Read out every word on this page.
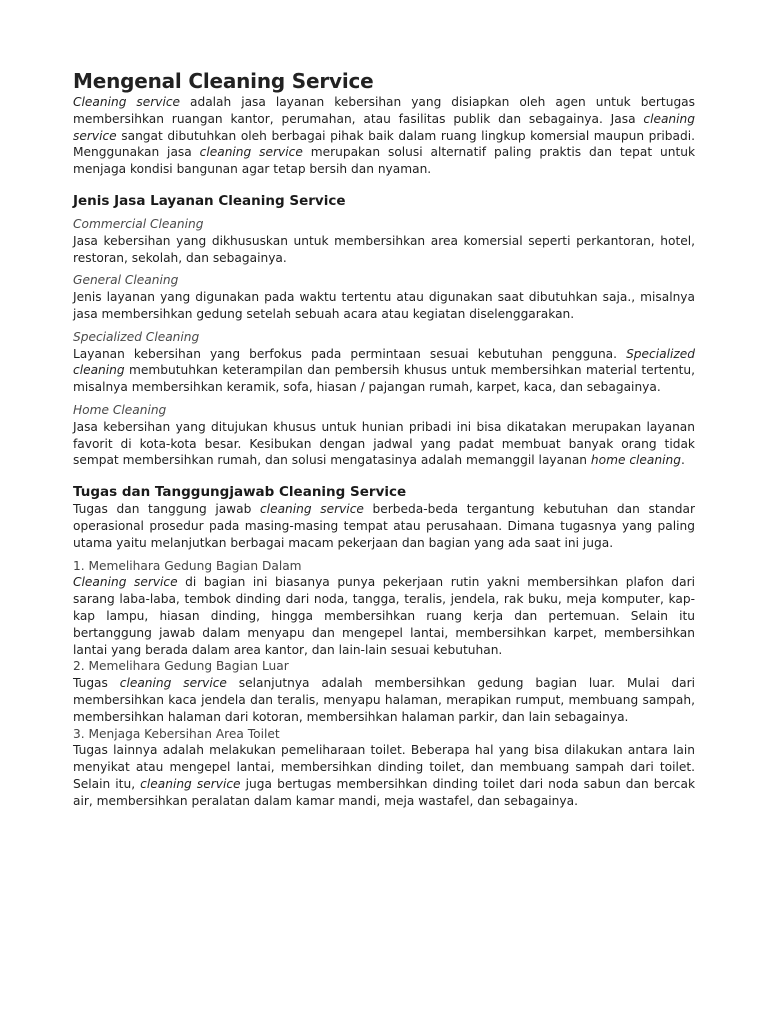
Mengenal Cleaning Service

Cleaning service adalah jasa layanan kebersihan yang disiapkan oleh agen untuk bertugas membersihkan ruangan kantor, perumahan, atau fasilitas publik dan sebagainya. Jasa cleaning service sangat dibutuhkan oleh berbagai pihak baik dalam ruang lingkup komersial maupun pribadi. Menggunakan jasa cleaning service merupakan solusi alternatif paling praktis dan tepat untuk menjaga kondisi bangunan agar tetap bersih dan nyaman.

Jenis Jasa Layanan Cleaning Service
Commercial Cleaning

Jasa kebersihan yang dikhususkan untuk membersihkan area komersial seperti perkantoran, hotel, restoran, sekolah, dan sebagainya.

General Cleaning

Jenis layanan yang digunakan pada waktu tertentu atau digunakan saat dibutuhkan saja., misalnya jasa membersihkan gedung setelah sebuah acara atau kegiatan diselenggarakan.

Specialized Cleaning

Layanan kebersihan yang berfokus pada permintaan sesuai kebutuhan pengguna. Specialized cleaning membutuhkan keterampilan dan pembersih khusus untuk membersihkan material tertentu, misalnya membersihkan keramik, sofa, hiasan / pajangan rumah, karpet, kaca, dan sebagainya.

Home Cleaning

Jasa kebersihan yang ditujukan khusus untuk hunian pribadi ini bisa dikatakan merupakan layanan favorit di kota-kota besar. Kesibukan dengan jadwal yang padat membuat banyak orang tidak sempat membersihkan rumah, dan solusi mengatasinya adalah memanggil layanan home cleaning.

Tugas dan Tanggungjawab Cleaning Service

Tugas dan tanggung jawab cleaning service berbeda-beda tergantung kebutuhan dan standar operasional prosedur pada masing-masing tempat atau perusahaan. Dimana tugasnya yang paling utama yaitu melanjutkan berbagai macam pekerjaan dan bagian yang ada saat ini juga.

1. Memelihara Gedung Bagian Dalam

Cleaning service di bagian ini biasanya punya pekerjaan rutin yakni membersihkan plafon dari sarang laba-laba, tembok dinding dari noda, tangga, teralis, jendela, rak buku, meja komputer, kap-kap lampu, hiasan dinding, hingga membersihkan ruang kerja dan pertemuan. Selain itu bertanggung jawab dalam menyapu dan mengepel lantai, membersihkan karpet, membersihkan lantai yang berada dalam area kantor, dan lain-lain sesuai kebutuhan.

2. Memelihara Gedung Bagian Luar

Tugas cleaning service selanjutnya adalah membersihkan gedung bagian luar. Mulai dari membersihkan kaca jendela dan teralis, menyapu halaman, merapikan rumput, membuang sampah, membersihkan halaman dari kotoran, membersihkan halaman parkir, dan lain sebagainya.

3. Menjaga Kebersihan Area Toilet

Tugas lainnya adalah melakukan pemeliharaan toilet. Beberapa hal yang bisa dilakukan antara lain menyikat atau mengepel lantai, membersihkan dinding toilet, dan membuang sampah dari toilet. Selain itu, cleaning service juga bertugas membersihkan dinding toilet dari noda sabun dan bercak air, membersihkan peralatan dalam kamar mandi, meja wastafel, dan sebagainya.
